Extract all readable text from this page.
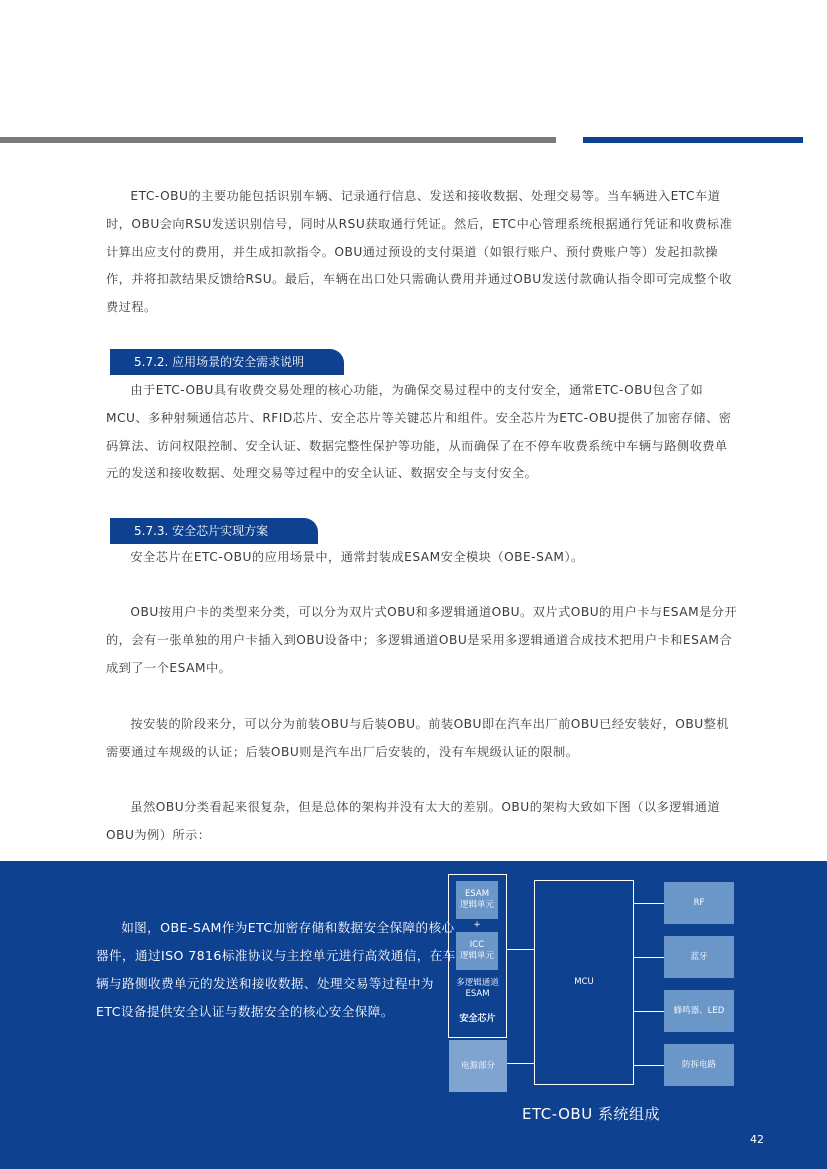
ETC-OBU的主要功能包括识别车辆、记录通行信息、发送和接收数据、处理交易等。当车辆进入ETC车道时，OBU会向RSU发送识别信号，同时从RSU获取通行凭证。然后，ETC中心管理系统根据通行凭证和收费标准计算出应支付的费用，并生成扣款指令。OBU通过预设的支付渠道（如银行账户、预付费账户等）发起扣款操作，并将扣款结果反馈给RSU。最后，车辆在出口处只需确认费用并通过OBU发送付款确认指令即可完成整个收费过程。

5.7.2. 应用场景的安全需求说明

由于ETC-OBU具有收费交易处理的核心功能，为确保交易过程中的支付安全，通常ETC-OBU包含了如MCU、多种射频通信芯片、RFID芯片、安全芯片等关键芯片和组件。安全芯片为ETC-OBU提供了加密存储、密码算法、访问权限控制、安全认证、数据完整性保护等功能，从而确保了在不停车收费系统中车辆与路侧收费单元的发送和接收数据、处理交易等过程中的安全认证、数据安全与支付安全。

5.7.3. 安全芯片实现方案

安全芯片在ETC-OBU的应用场景中，通常封装成ESAM安全模块（OBE-SAM）。

OBU按用户卡的类型来分类，可以分为双片式OBU和多逻辑通道OBU。双片式OBU的用户卡与ESAM是分开的，会有一张单独的用户卡插入到OBU设备中；多逻辑通道OBU是采用多逻辑通道合成技术把用户卡和ESAM合成到了一个ESAM中。

按安装的阶段来分，可以分为前装OBU与后装OBU。前装OBU即在汽车出厂前OBU已经安装好，OBU整机需要通过车规级的认证；后装OBU则是汽车出厂后安装的，没有车规级认证的限制。

虽然OBU分类看起来很复杂，但是总体的架构并没有太大的差别。OBU的架构大致如下图（以多逻辑通道OBU为例）所示：

如图，OBE-SAM作为ETC加密存储和数据安全保障的核心器件，通过ISO 7816标准协议与主控单元进行高效通信，在车辆与路侧收费单元的发送和接收数据、处理交易等过程中为ETC设备提供安全认证与数据安全的核心安全保障。

ESAM
逻辑单元
+
ICC
逻辑单元
多逻辑通道
ESAM
安全芯片
电源部分
MCU
RF
蓝牙
蜂鸣器、LED
防拆电路
ETC-OBU 系统组成
42
